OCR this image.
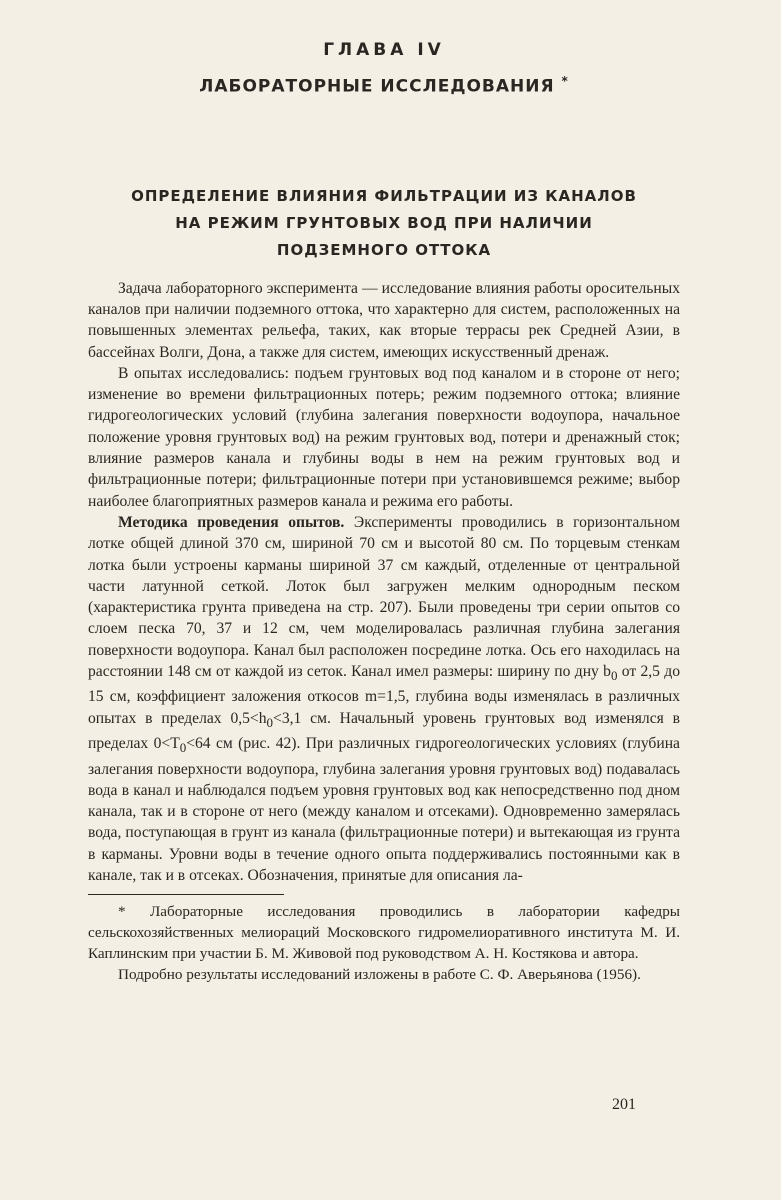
ГЛАВА IV
ЛАБОРАТОРНЫЕ ИССЛЕДОВАНИЯ *
ОПРЕДЕЛЕНИЕ ВЛИЯНИЯ ФИЛЬТРАЦИИ ИЗ КАНАЛОВ
НА РЕЖИМ ГРУНТОВЫХ ВОД ПРИ НАЛИЧИИ
ПОДЗЕМНОГО ОТТОКА

Задача лабораторного эксперимента — исследование влияния работы оросительных каналов при наличии подземного оттока, что характерно для систем, расположенных на повышенных элементах рельефа, таких, как вторые террасы рек Средней Азии, в бассейнах Волги, Дона, а также для систем, имеющих искусственный дренаж.

В опытах исследовались: подъем грунтовых вод под каналом и в стороне от него; изменение во времени фильтрационных потерь; режим подземного оттока; влияние гидрогеологических условий (глубина залегания поверхности водоупора, начальное положение уровня грунтовых вод) на режим грунтовых вод, потери и дренажный сток; влияние размеров канала и глубины воды в нем на режим грунтовых вод и фильтрационные потери; фильтрационные потери при установившемся режиме; выбор наиболее благоприятных размеров канала и режима его работы.

Методика проведения опытов. Эксперименты проводились в горизонтальном лотке общей длиной 370 см, шириной 70 см и высотой 80 см. По торцевым стенкам лотка были устроены карманы шириной 37 см каждый, отделенные от центральной части латунной сеткой. Лоток был загружен мелким однородным песком (характеристика грунта приведена на стр. 207). Были проведены три серии опытов со слоем песка 70, 37 и 12 см, чем моделировалась различная глубина залегания поверхности водоупора. Канал был расположен посредине лотка. Ось его находилась на расстоянии 148 см от каждой из сеток. Канал имел размеры: ширину по дну $b_0$ от 2,5 до 15 см, коэффициент заложения откосов m=1,5, глубина воды изменялась в различных опытах в пределах $0,5<h_0<3,1$ см. Начальный уровень грунтовых вод изменялся в пределах $0<T_0<64$ см (рис. 42). При различных гидрогеологических условиях (глубина залегания поверхности водоупора, глубина залегания уровня грунтовых вод) подавалась вода в канал и наблюдался подъем уровня грунтовых вод как непосредственно под дном канала, так и в стороне от него (между каналом и отсеками). Одновременно замерялась вода, поступающая в грунт из канала (фильтрационные потери) и вытекающая из грунта в карманы. Уровни воды в течение одного опыта поддерживались постоянными как в канале, так и в отсеках. Обозначения, принятые для описания ла-

* Лабораторные исследования проводились в лаборатории кафедры сельскохозяйственных мелиораций Московского гидромелиоративного института М. И. Каплинским при участии Б. М. Живовой под руководством А. Н. Костякова и автора.

Подробно результаты исследований изложены в работе С. Ф. Аверьянова (1956).

201
